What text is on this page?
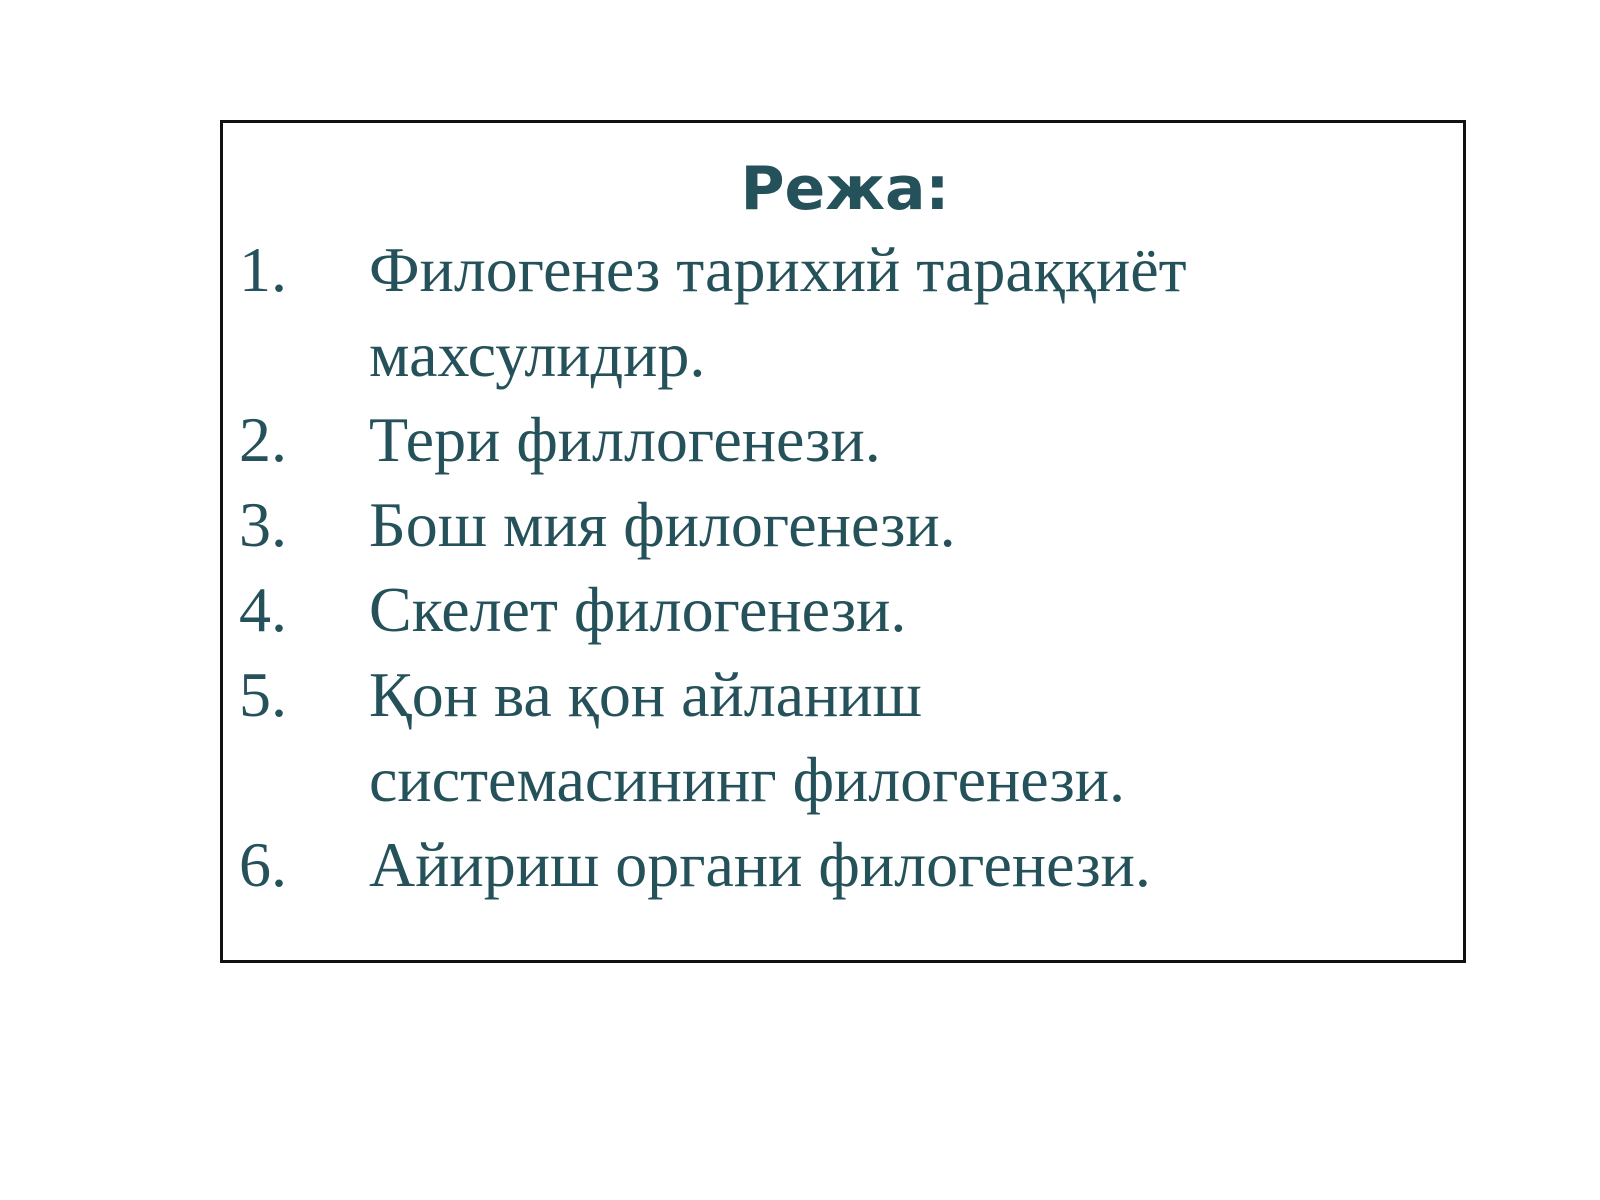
Режа:
1.	Филогенез тарихий тараққиёт
махсулидир.
2.	Тери филлогенези.
3.	Бош мия филогенези.
4.	Скелет филогенези.
5.	Қон ва қон айланиш
системасининг филогенези.
6.	Айириш органи филогенези.
